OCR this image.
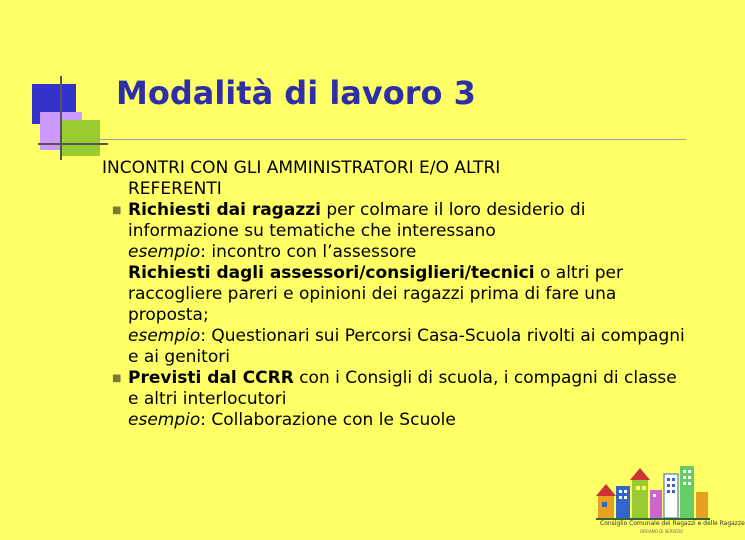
Modalità di lavoro 3
INCONTRI CON GLI AMMINISTRATORI E/O ALTRI
REFERENTI
■ Richiesti dai ragazzi per colmare il loro desiderio di informazione su tematiche che interessano
esempio: incontro con l’assessore
Richiesti dagli assessori/consiglieri/tecnici o altri per raccogliere pareri e opinioni dei ragazzi prima di fare una proposta;
esempio: Questionari sui Percorsi Casa-Scuola rivolti ai compagni e ai genitori
■ Previsti dal CCRR con i Consigli di scuola, i compagni di classe e altri interlocutori
esempio: Collaborazione con le Scuole
Consiglio Comunale dei Ragazzi e delle Ragazze
ORGANO DI SERVIZIO
